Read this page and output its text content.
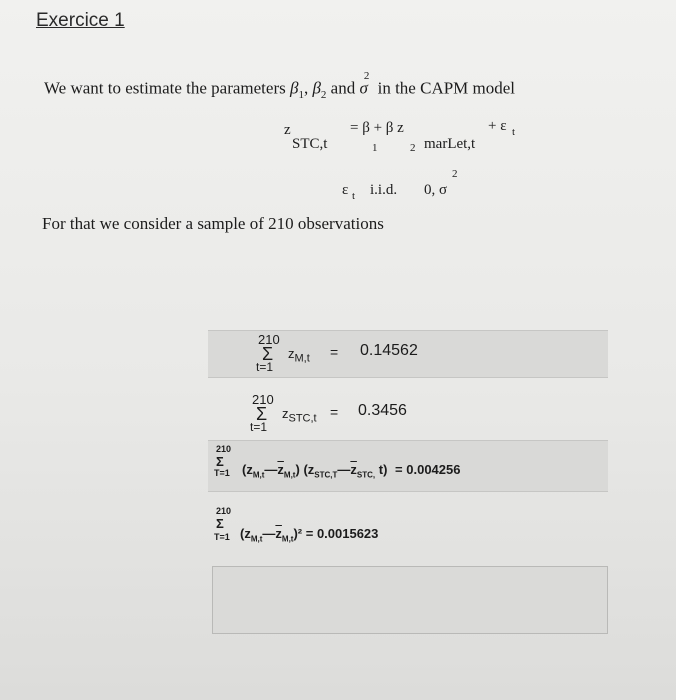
Exercice 1
We want to estimate the parameters $\beta_1$, $\beta_2$ and $\sigma^2$ in the CAPM model
z
STC,t
= β + β z
1	2 marLet,t
+ ε t
ε t i.i.d. 0, σ
2
For that we consider a sample of 210 observations
210
Σ
t=1
$z_{M,t} = 0.14562$
210
Σ
t=1
$z_{STC,t} = 0.3456$
210
Σ
T=1 $(z_{M,t}—\overline{z}_{M,t})$ ($z_{STC,T}—\overline{z}_{STC,}$ t) = 0.004256
210
Σ
T=1 $(z_{M,t}—\overline{z}_{M,t})^2 = 0.0015623$
